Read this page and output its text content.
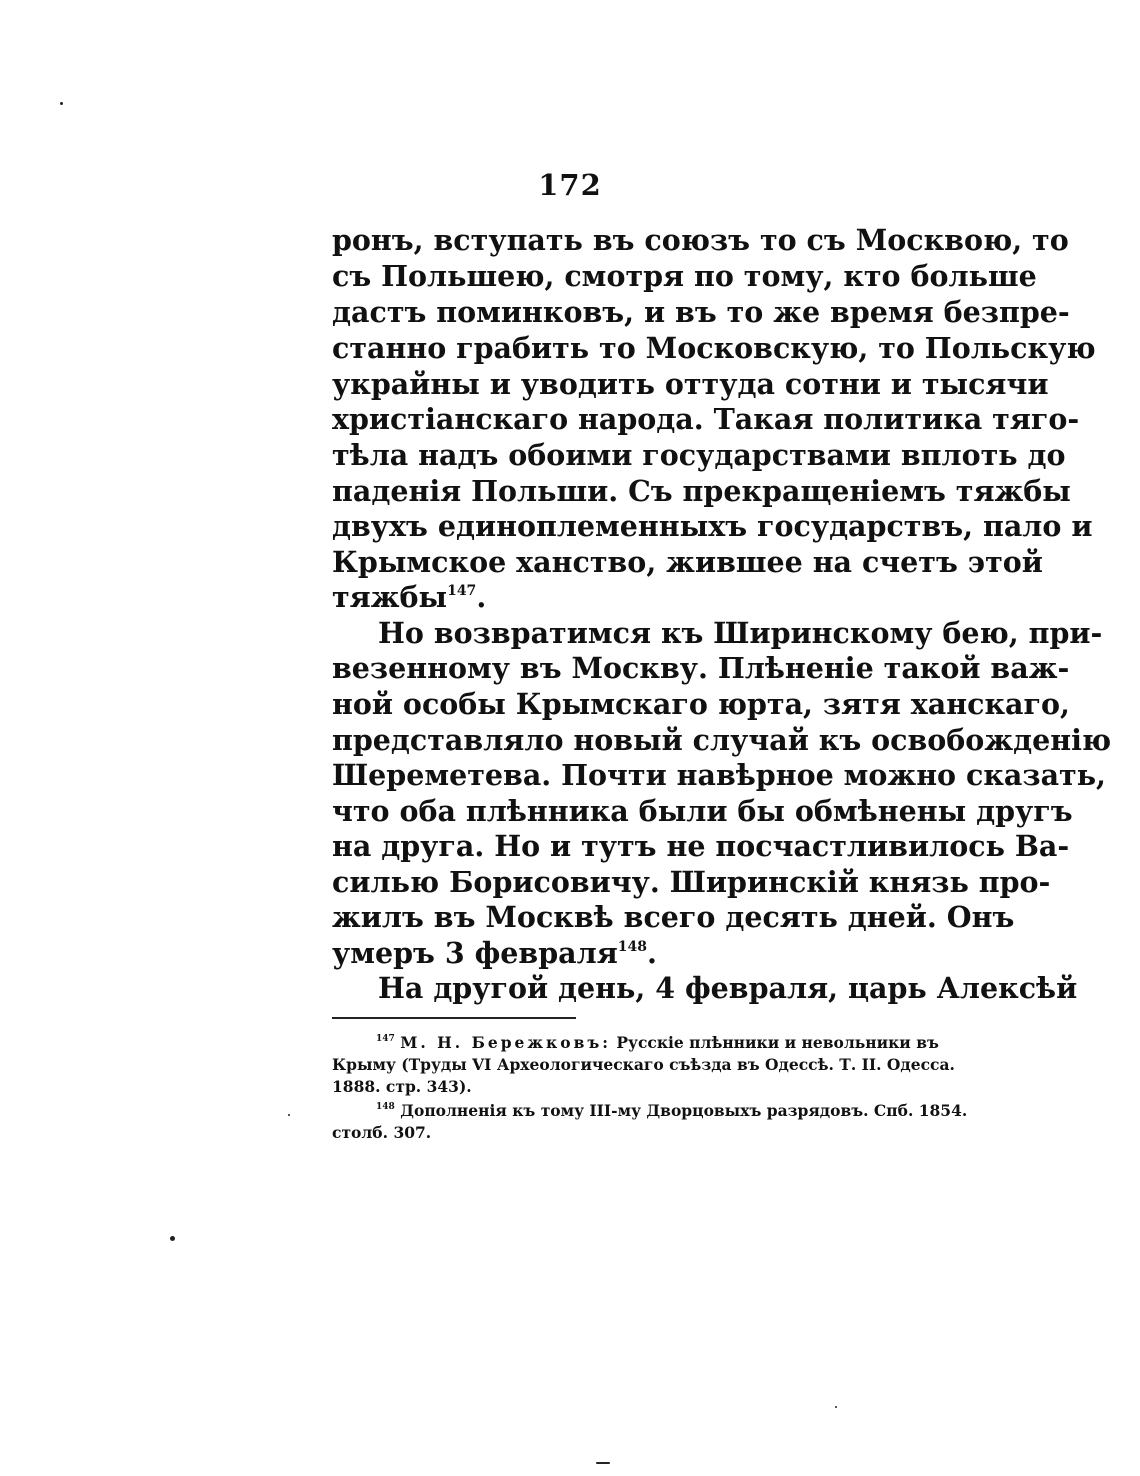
172
ронъ, вступать въ союзъ то съ Москвою, то
съ Польшею, смотря по тому, кто больше
дастъ поминковъ, и въ то же время безпре-
станно грабить то Московскую, то Польскую
украйны и уводить оттуда сотни и тысячи
христіанскаго народа. Такая политика тяго-
тѣла надъ обоими государствами вплоть до
паденія Польши. Съ прекращеніемъ тяжбы
двухъ единоплеменныхъ государствъ, пало и
Крымское ханство, жившее на счетъ этой
тяжбы$^{147}$.
Но возвратимся къ Ширинскому бею, при-
везенному въ Москву. Плѣненіе такой важ-
ной особы Крымскаго юрта, зятя ханскаго,
представляло новый случай къ освобожденію
Шереметева. Почти навѣрное можно сказать,
что оба плѣнника были бы обмѣнены другъ
на друга. Но и тутъ не посчастливилось Ва-
силью Борисовичу. Ширинскій князь про-
жилъ въ Москвѣ всего десять дней. Онъ
умеръ 3 февраля$^{148}$.
На другой день, 4 февраля, царь Алексѣй
$^{147}$ М. Н. Бережковъ: Русскіе плѣнники и невольники въ
Крыму (Труды VI Археологическаго съѣзда въ Одессѣ. Т. II. Одесса.
1888. стр. 343).
$^{148}$ Дополненія къ тому III-му Дворцовыхъ разрядовъ. Спб. 1854.
столб. 307.
